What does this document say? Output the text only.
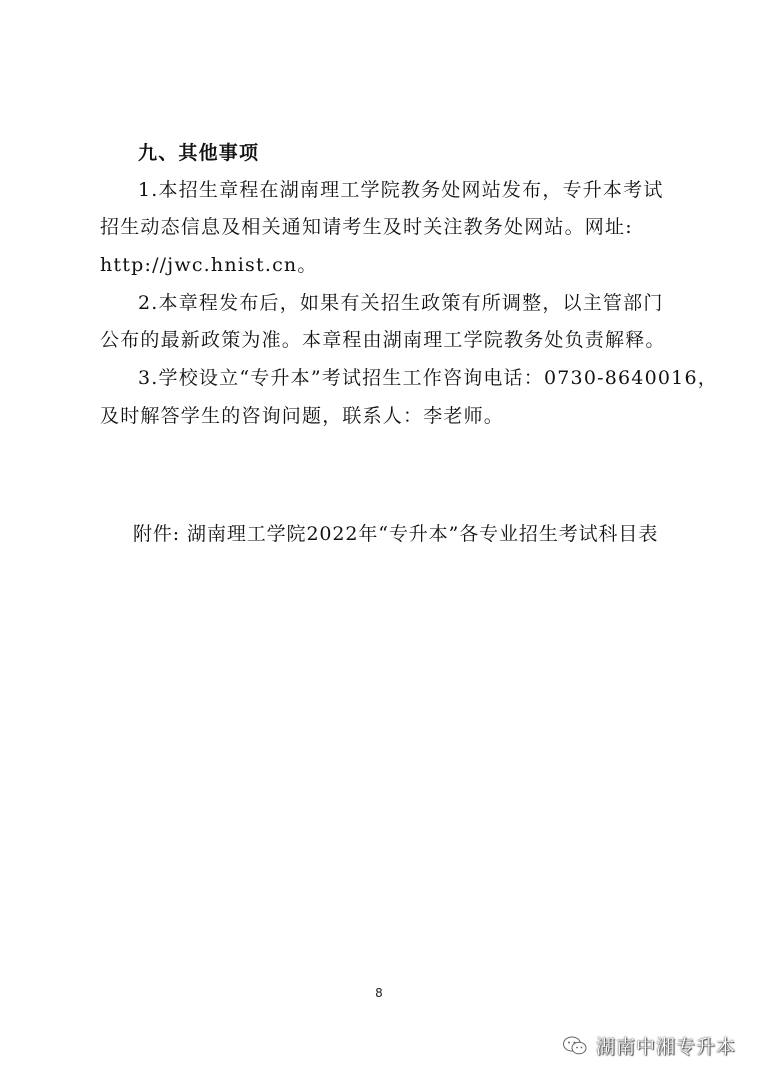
九、其他事项
1.本招生章程在湖南理工学院教务处网站发布，专升本考试
招生动态信息及相关通知请考生及时关注教务处网站。网址:
http://jwc.hnist.cn。
2.本章程发布后，如果有关招生政策有所调整，以主管部门
公布的最新政策为准。本章程由湖南理工学院教务处负责解释。
3.学校设立“专升本”考试招生工作咨询电话：0730-8640016，
及时解答学生的咨询问题，联系人：李老师。
附件: 湖南理工学院2022年“专升本”各专业招生考试科目表
8
湖南中湘专升本
